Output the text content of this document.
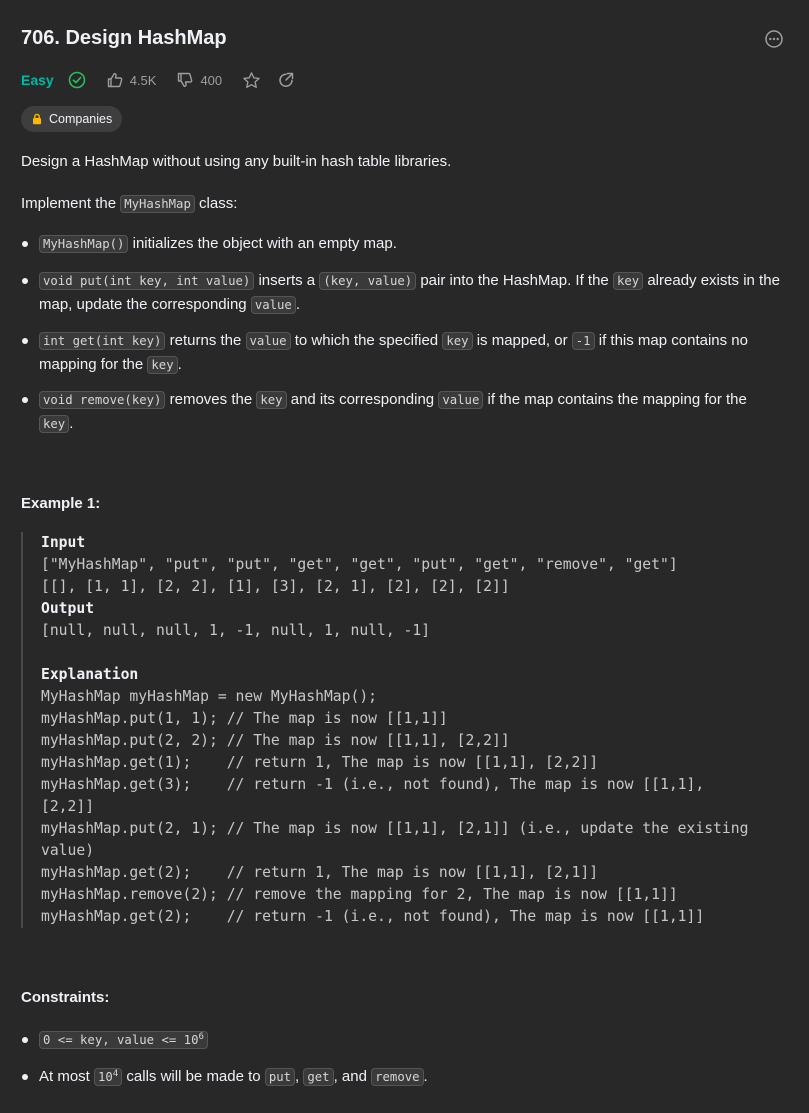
706. Design HashMap
Easy	4.5K	400
Companies

Design a HashMap without using any built-in hash table libraries.

Implement the MyHashMap class:

MyHashMap() initializes the object with an empty map.
void put(int key, int value) inserts a (key, value) pair into the HashMap. If the key already exists in the map, update the corresponding value .
int get(int key) returns the value to which the specified key is mapped, or -1 if this map contains no mapping for the key .
void remove(key) removes the key and its corresponding value if the map contains the mapping for the key .
Example 1:
Input
["MyHashMap", "put", "put", "get", "get", "put", "get", "remove", "get"]
[[], [1, 1], [2, 2], [1], [3], [2, 1], [2], [2], [2]]
Output
[null, null, null, 1, -1, null, 1, null, -1]

Explanation
MyHashMap myHashMap = new MyHashMap();
myHashMap.put(1, 1); // The map is now [[1,1]]
myHashMap.put(2, 2); // The map is now [[1,1], [2,2]]
myHashMap.get(1);    // return 1, The map is now [[1,1], [2,2]]
myHashMap.get(3);    // return -1 (i.e., not found), The map is now [[1,1],
[2,2]]
myHashMap.put(2, 1); // The map is now [[1,1], [2,1]] (i.e., update the existing
value)
myHashMap.get(2);    // return 1, The map is now [[1,1], [2,1]]
myHashMap.remove(2); // remove the mapping for 2, The map is now [[1,1]]
myHashMap.get(2);    // return -1 (i.e., not found), The map is now [[1,1]]
Constraints:
0 <= key, value <= $10^6$
At most $10^4$ calls will be made to put , get , and remove .
